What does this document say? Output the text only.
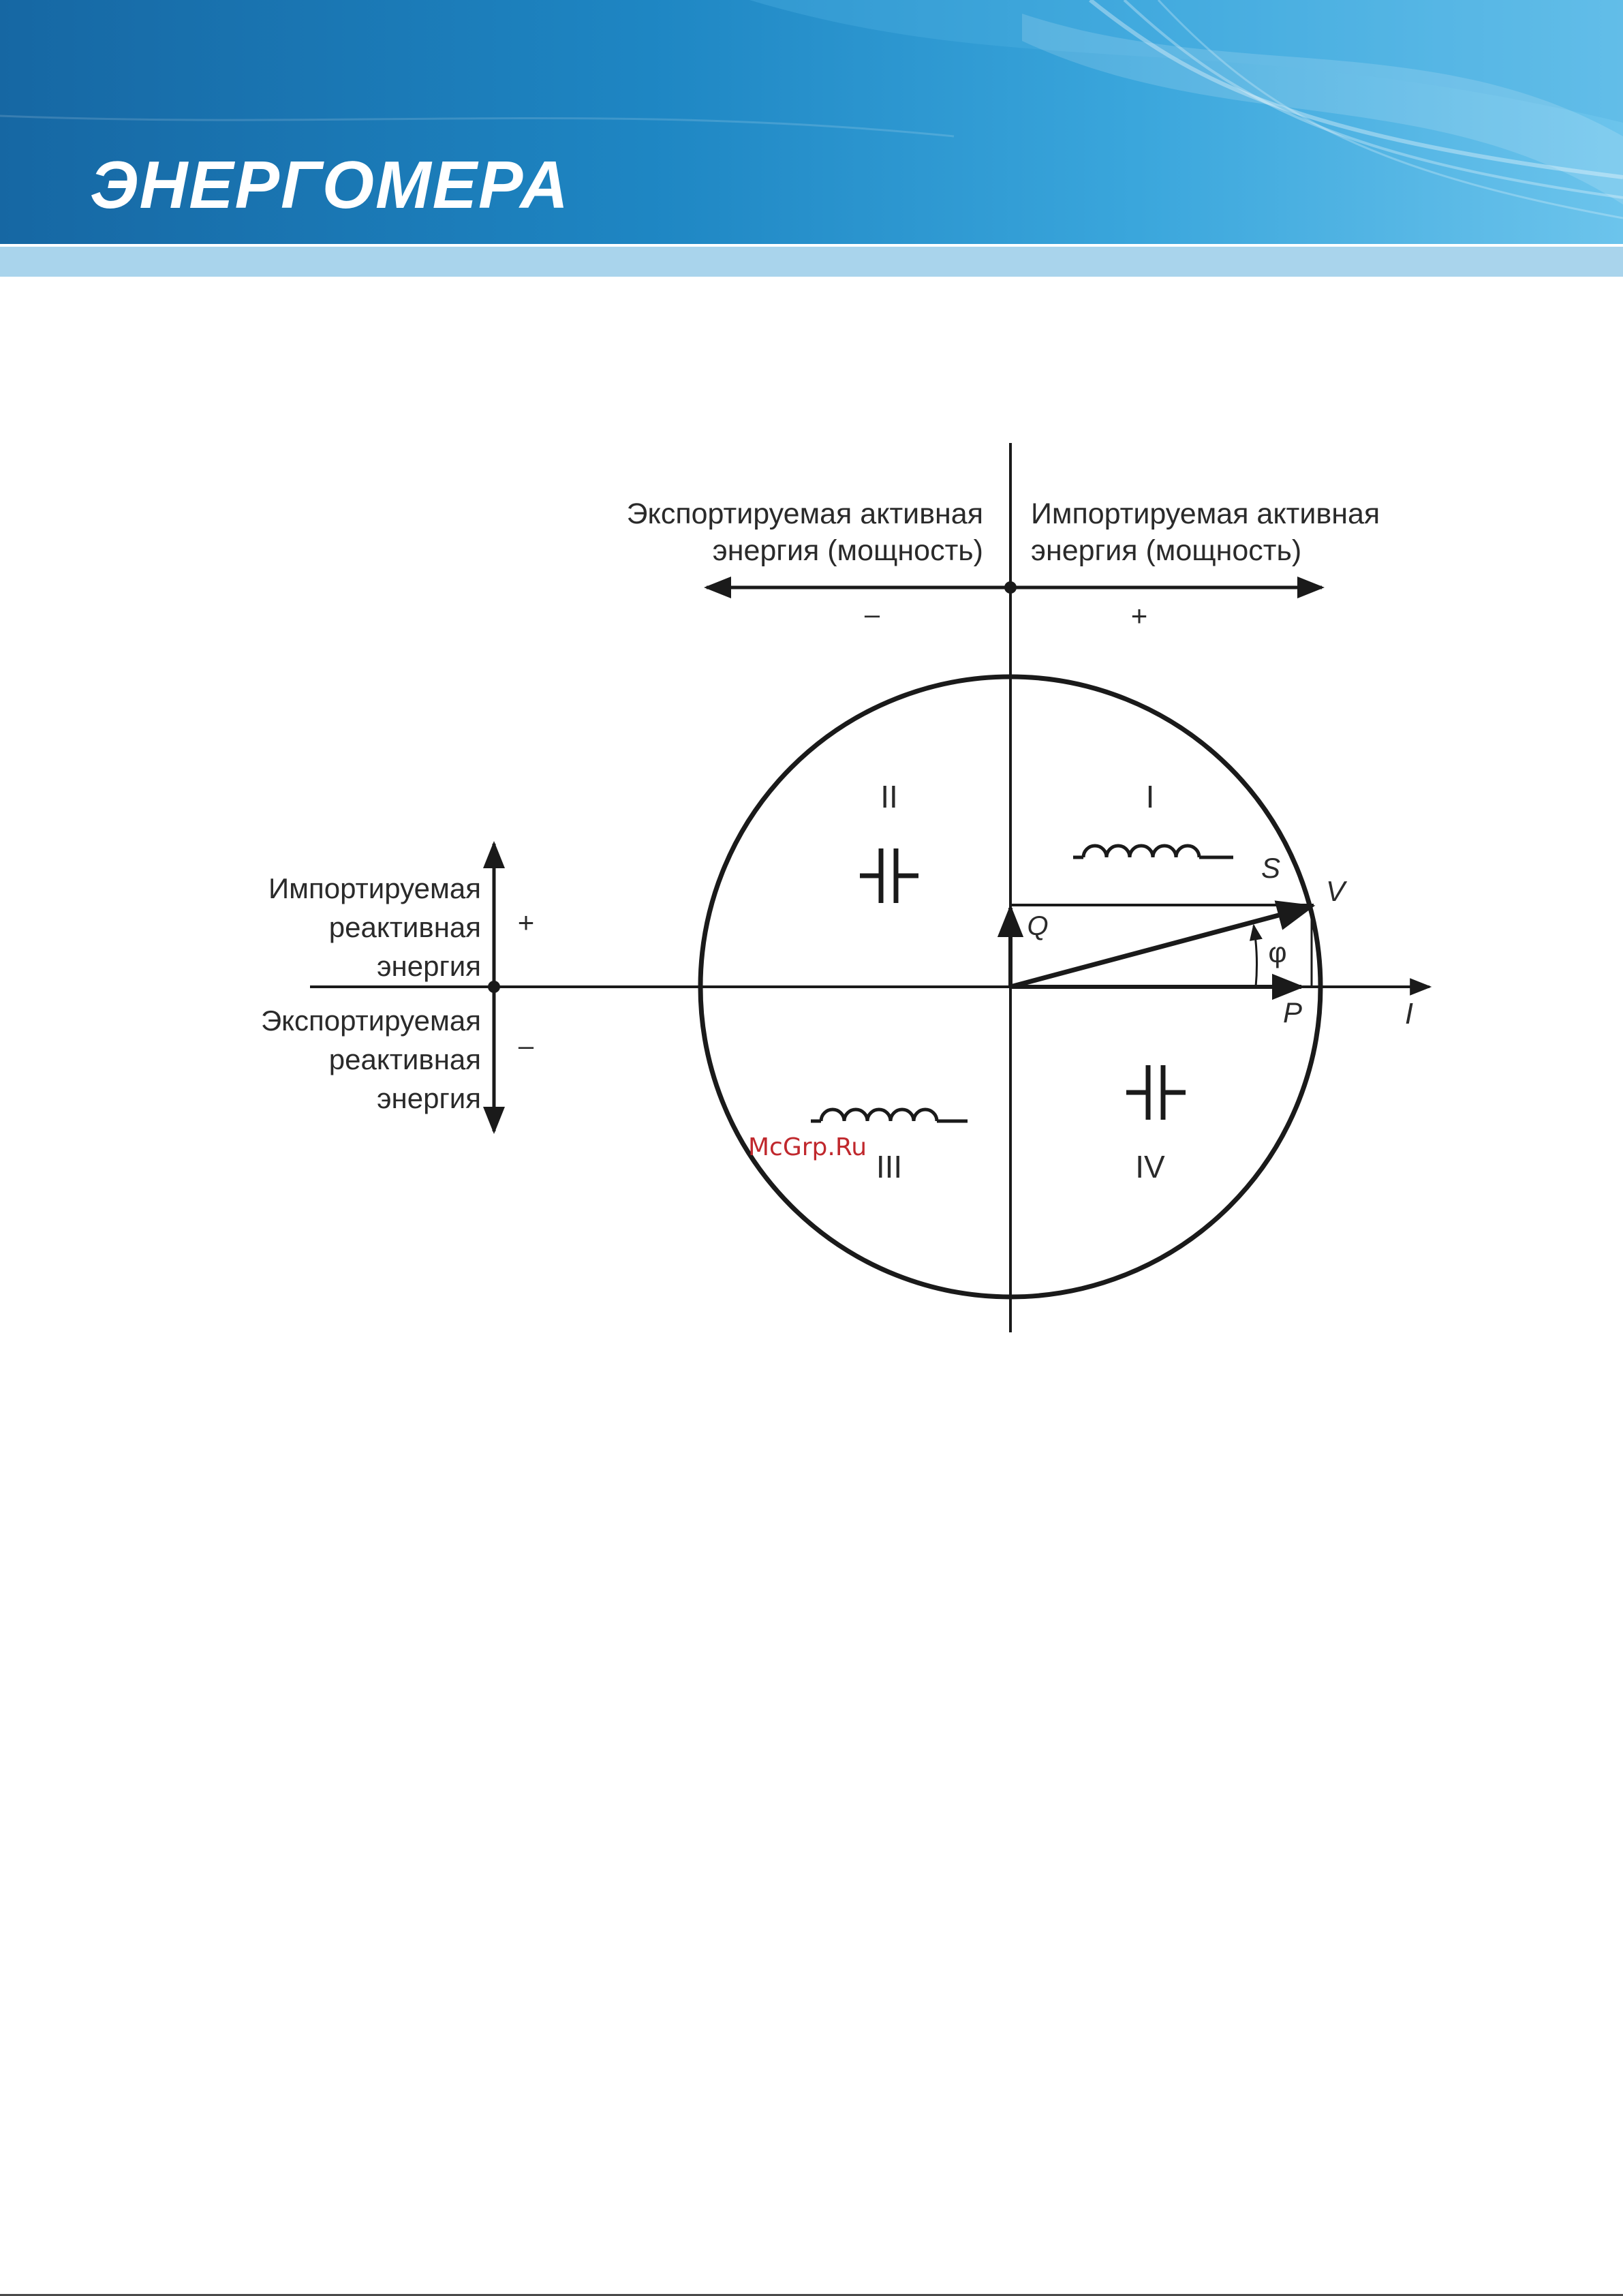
ЭНЕРГОМЕРА
Экспортируемая активная
энергия (мощность)
Импортируемая активная
энергия (мощность)
–	+
Импортируемая
реактивная
энергия
Экспортируемая
реактивная
энергия
+
–
I
II
III	IV
S
V
Q
P	I
φ
McGrp.Ru
